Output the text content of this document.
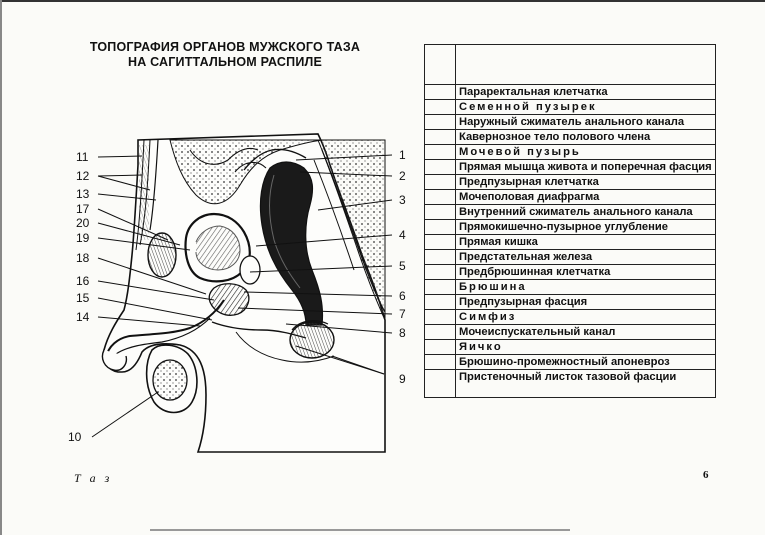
ТОПОГРАФИЯ ОРГАНОВ МУЖСКОГО ТАЗА
НА САГИТТАЛЬНОМ РАСПИЛЕ
1
2
3
4
5
6
7
8
9
10
11
12
13
14
15
16
17
18
19
20

	Параректальная клетчатка
	Семенной пузырек
	Наружный сжиматель анального канала
	Кавернозное тело полового члена
	Мочевой пузырь
	Прямая мышца живота и поперечная фасция
	Предпузырная клетчатка
	Мочеполовая диафрагма
	Внутренний сжиматель анального канала
	Прямокишечно-пузырное углубление
	Прямая кишка
	Предстательная железа
	Предбрюшинная клетчатка
	Брюшина
	Предпузырная фасция
	Симфиз
	Мочеиспускательный канал
	Яичко
	Брюшино-промежностный апоневроз
	Пристеночный листок тазовой фасции
Т а з	6
